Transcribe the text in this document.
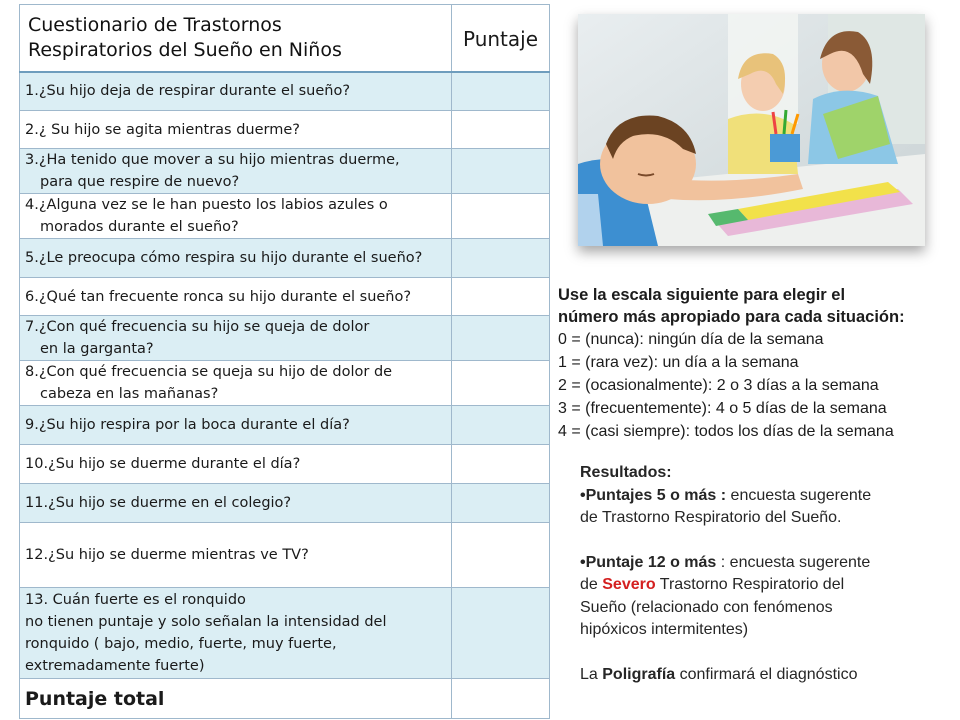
Cuestionario de Trastornos
Respiratorios del Sueño en Niños	Puntaje

1.¿Su hijo deja de respirar durante el sueño?	

2.¿ Su hijo se agita mientras duerme?	

3.¿Ha tenido que mover a su hijo mientras duerme,
para que respire de nuevo?	

4.¿Alguna vez se le han puesto los labios azules o
morados durante el sueño?	

5.¿Le preocupa cómo respira su hijo durante el sueño?	

6.¿Qué tan frecuente ronca su hijo durante el sueño?	

7.¿Con qué frecuencia su hijo se queja de dolor
en la garganta?	

8.¿Con qué frecuencia se queja su hijo de dolor de
cabeza en las mañanas?	

9.¿Su hijo respira por la boca durante el día?	

10.¿Su hijo se duerme durante el día?	

11.¿Su hijo se duerme en el colegio?	

12.¿Su hijo se duerme mientras ve TV?	

13. Cuán fuerte es el ronquido
no tienen puntaje y solo señalan la intensidad del
ronquido ( bajo, medio, fuerte, muy fuerte,
extremadamente fuerte)	

Puntaje total	
Use la escala siguiente para elegir el
número más apropiado para cada situación:
0 = (nunca): ningún día de la semana
1 = (rara vez): un día a la semana
2 = (ocasionalmente): 2 o 3 días a la semana
3 = (frecuentemente): 4 o 5 días de la semana
4 = (casi siempre): todos los días de la semana

Resultados:

•Puntajes 5 o más : encuesta sugerente

de Trastorno Respiratorio del Sueño.

•Puntaje 12 o más : encuesta sugerente

de Severo Trastorno Respiratorio del

Sueño (relacionado con fenómenos

hipóxicos intermitentes)

La Poligrafía confirmará el diagnóstico
